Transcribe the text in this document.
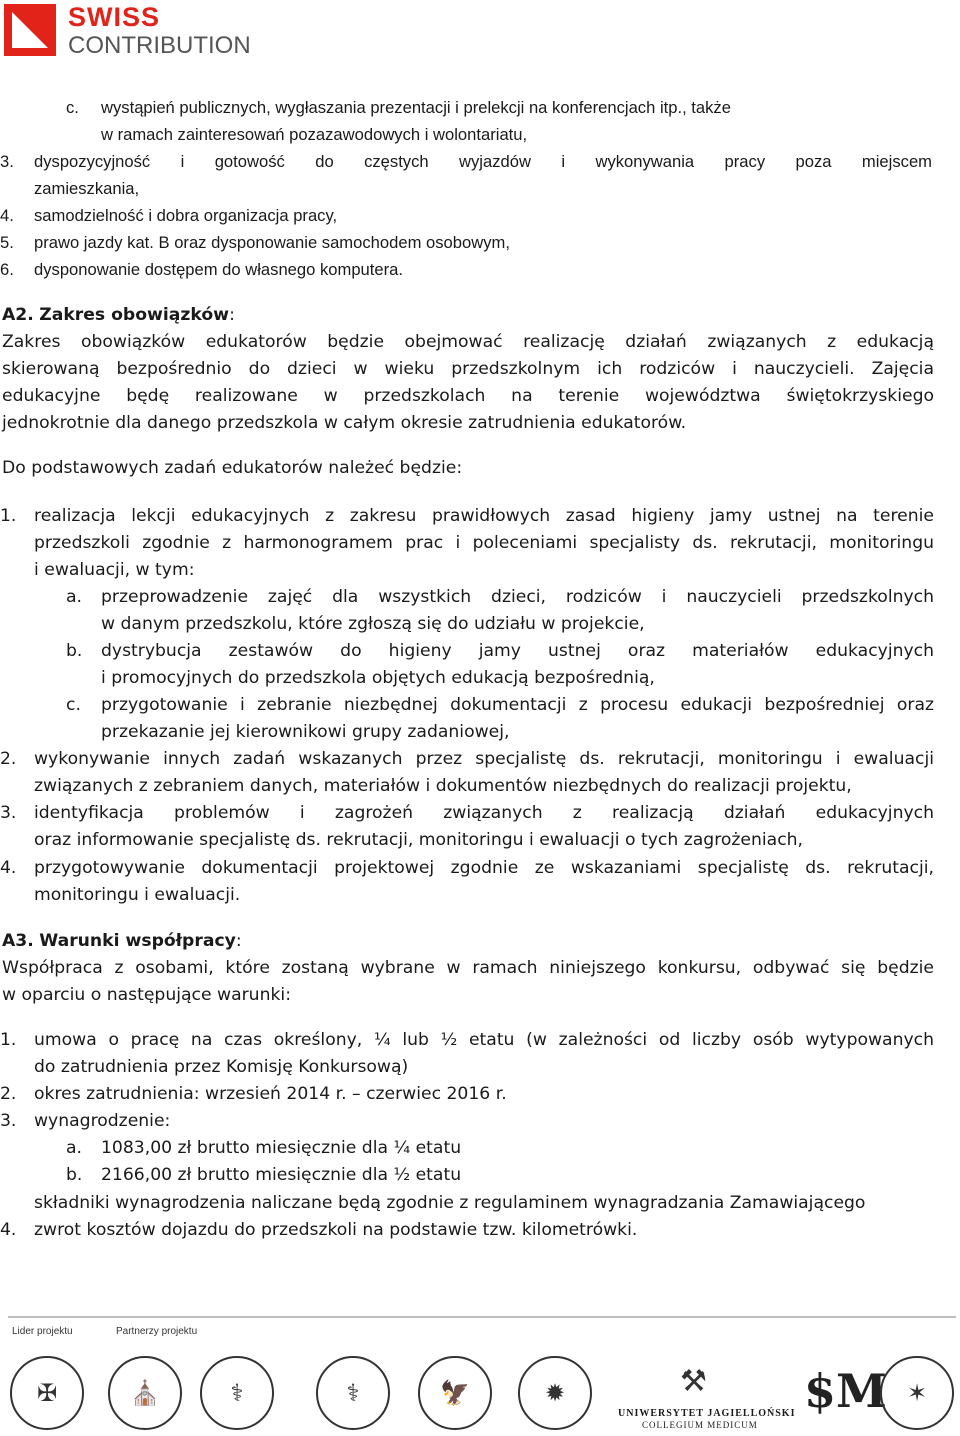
SWISS
CONTRIBUTION
c. wystąpień publicznych, wygłaszania prezentacji i prelekcji na konferencjach itp., także
w ramach zainteresowań pozazawodowych i wolontariatu,
3. dyspozycyjność i gotowość do częstych wyjazdów i wykonywania pracy poza miejscem
zamieszkania,
4. samodzielność i dobra organizacja pracy,
5. prawo jazdy kat. B oraz dysponowanie samochodem osobowym,
6. dysponowanie dostępem do własnego komputera.
A2. Zakres obowiązków:
Zakres obowiązków edukatorów będzie obejmować realizację działań związanych z edukacją
skierowaną bezpośrednio do dzieci w wieku przedszkolnym ich rodziców i nauczycieli. Zajęcia
edukacyjne będę realizowane w przedszkolach na terenie województwa świętokrzyskiego
jednokrotnie dla danego przedszkola w całym okresie zatrudnienia edukatorów.
Do podstawowych zadań edukatorów należeć będzie:
1. realizacja lekcji edukacyjnych z zakresu prawidłowych zasad higieny jamy ustnej na terenie
przedszkoli zgodnie z harmonogramem prac i poleceniami specjalisty ds. rekrutacji, monitoringu
i ewaluacji, w tym:
a. przeprowadzenie zajęć dla wszystkich dzieci, rodziców i nauczycieli przedszkolnych
w danym przedszkolu, które zgłoszą się do udziału w projekcie,
b. dystrybucja zestawów do higieny jamy ustnej oraz materiałów edukacyjnych
i promocyjnych do przedszkola objętych edukacją bezpośrednią,
c. przygotowanie i zebranie niezbędnej dokumentacji z procesu edukacji bezpośredniej oraz
przekazanie jej kierownikowi grupy zadaniowej,
2. wykonywanie innych zadań wskazanych przez specjalistę ds. rekrutacji, monitoringu i ewaluacji
związanych z zebraniem danych, materiałów i dokumentów niezbędnych do realizacji projektu,
3. identyfikacja problemów i zagrożeń związanych z realizacją działań edukacyjnych
oraz informowanie specjalistę ds. rekrutacji, monitoringu i ewaluacji o tych zagrożeniach,
4. przygotowywanie dokumentacji projektowej zgodnie ze wskazaniami specjalistę ds. rekrutacji,
monitoringu i ewaluacji.
A3. Warunki współpracy:
Współpraca z osobami, które zostaną wybrane w ramach niniejszego konkursu, odbywać się będzie
w oparciu o następujące warunki:
1. umowa o pracę na czas określony, ¼ lub ½ etatu (w zależności od liczby osób wytypowanych
do zatrudnienia przez Komisję Konkursową)
2. okres zatrudnienia: wrzesień 2014 r. – czerwiec 2016 r.
3. wynagrodzenie:
a. 1083,00 zł brutto miesięcznie dla ¼ etatu
b. 2166,00 zł brutto miesięcznie dla ½ etatu
składniki wynagrodzenia naliczane będą zgodnie z regulaminem wynagradzania Zamawiającego
4. zwrot kosztów dojazdu do przedszkoli na podstawie tzw. kilometrówki.
Lider projektu	Partnerzy projektu
✠	⛪	⚕	⚕	🦅	✹	⚒
UNIWERSYTET JAGIELLOŃSKI
COLLEGIUM MEDICUM
$M ✶
